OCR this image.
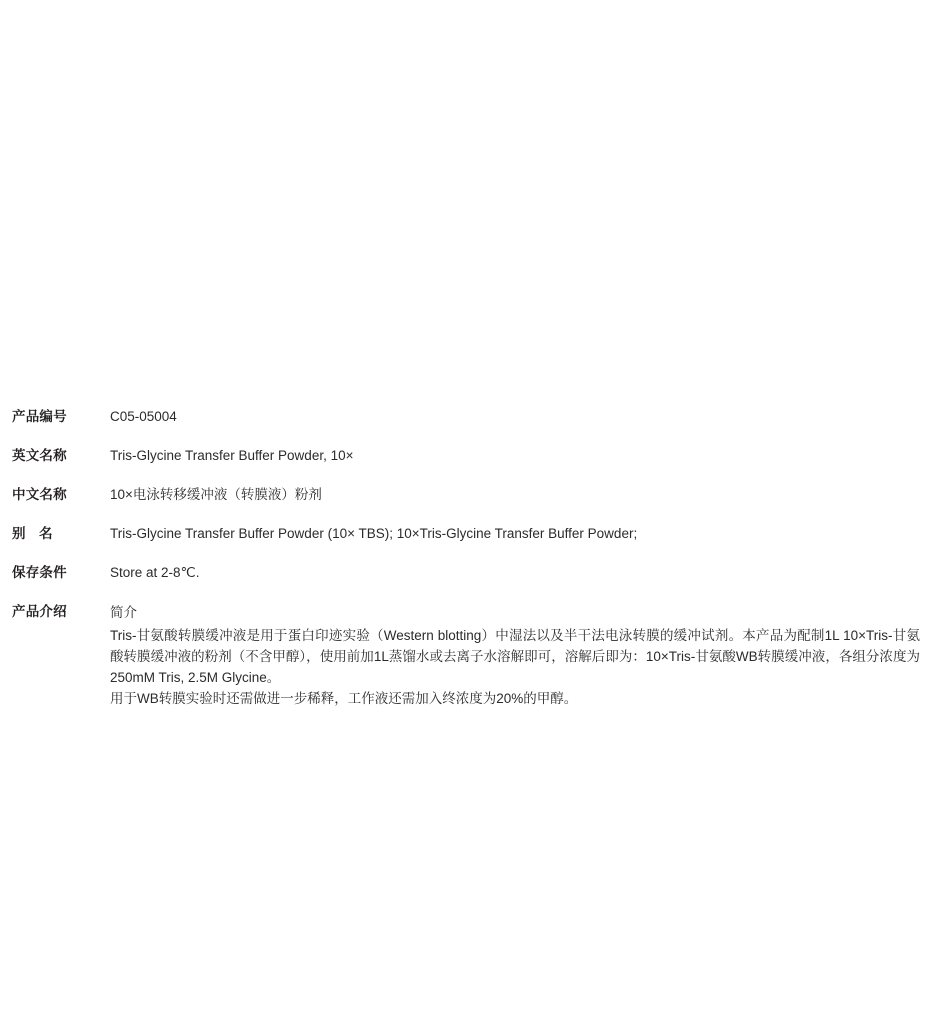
产品编号	C05-05004
英文名称	Tris-Glycine Transfer Buffer Powder, 10×
中文名称	10×电泳转移缓冲液（转膜液）粉剂
别　名	Tris-Glycine Transfer Buffer Powder (10× TBS); 10×Tris-Glycine Transfer Buffer Powder;
保存条件	Store at 2-8℃.
产品介绍	简介
Tris-甘氨酸转膜缓冲液是用于蛋白印迹实验（Western blotting）中湿法以及半干法电泳转膜的缓冲试剂。本产品为配制1L 10×Tris-甘氨酸转膜缓冲液的粉剂（不含甲醇），使用前加1L蒸馏水或去离子水溶解即可，溶解后即为：10×Tris-甘氨酸WB转膜缓冲液，各组分浓度为250mM Tris, 2.5M Glycine。
用于WB转膜实验时还需做进一步稀释，工作液还需加入终浓度为20%的甲醇。
